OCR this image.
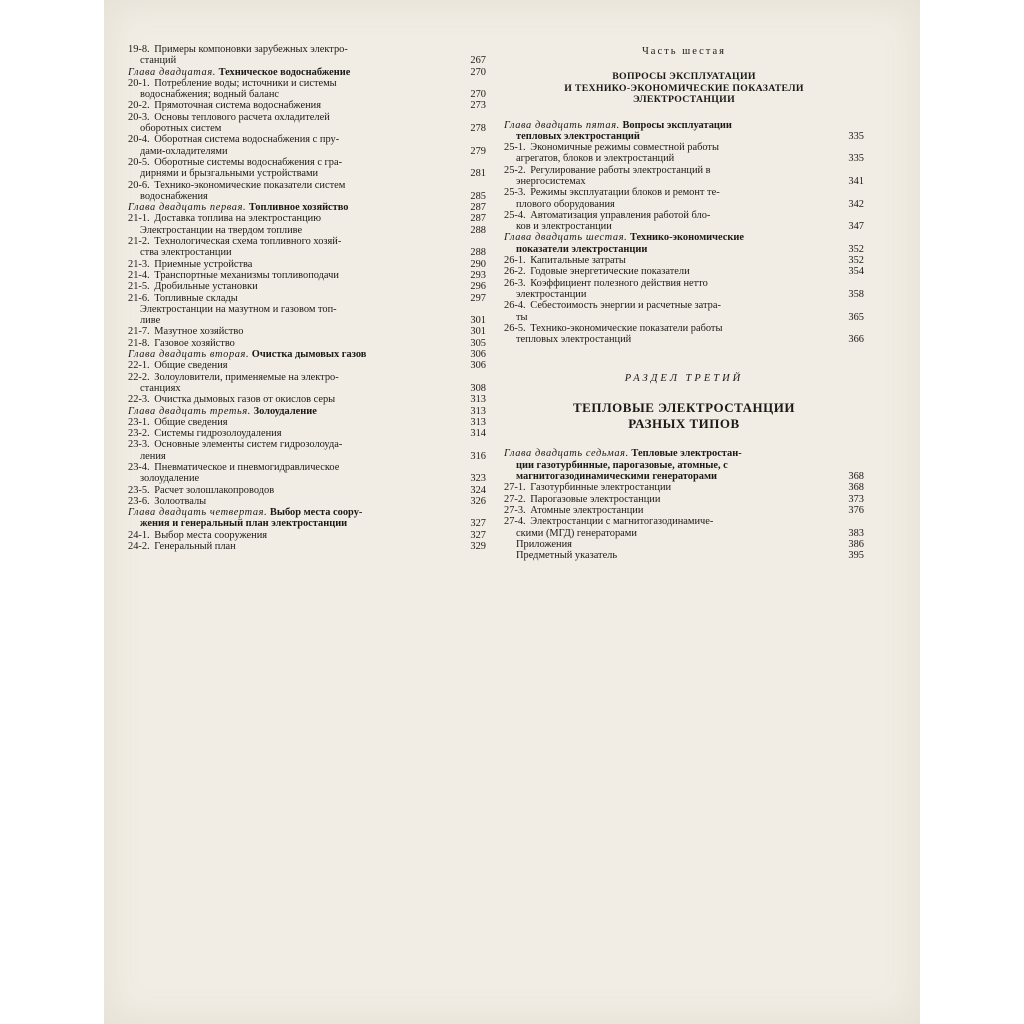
19-8. Примеры компоновки зарубежных электро-
станций	267
Глава двадцатая. Техническое водоснабжение	270
20-1. Потребление воды; источники и системы
водоснабжения; водный баланс	270
20-2. Прямоточная система водоснабжения	273
20-3. Основы теплового расчета охладителей
оборотных систем	278
20-4. Оборотная система водоснабжения с пру-
дами-охладителями	279
20-5. Оборотные системы водоснабжения с гра-
дирнями и брызгальными устройствами	281
20-6. Технико-экономические показатели систем
водоснабжения	285
Глава двадцать первая. Топливное хозяйство	287
21-1. Доставка топлива на электростанцию	287
Электростанции на твердом топливе	288
21-2. Технологическая схема топливного хозяй-
ства электростанции	288
21-3. Приемные устройства	290
21-4. Транспортные механизмы топливоподачи	293
21-5. Дробильные установки	296
21-6. Топливные склады	297
Электростанции на мазутном и газовом топ-
ливе	301
21-7. Мазутное хозяйство	301
21-8. Газовое хозяйство	305
Глава двадцать вторая. Очистка дымовых газов	306
22-1. Общие сведения	306
22-2. Золоуловители, применяемые на электро-
станциях	308
22-3. Очистка дымовых газов от окислов серы	313
Глава двадцать третья. Золоудаление	313
23-1. Общие сведения	313
23-2. Системы гидрозолоудаления	314
23-3. Основные элементы систем гидрозолоуда-
ления	316
23-4. Пневматическое и пневмогидравлическое
золоудаление	323
23-5. Расчет золошлакопроводов	324
23-6. Золоотвалы	326
Глава двадцать четвертая. Выбор места соору-
жения и генеральный план электростанции	327
24-1. Выбор места сооружения	327
24-2. Генеральный план	329
Часть шестая
ВОПРОСЫ ЭКСПЛУАТАЦИИ
И ТЕХНИКО-ЭКОНОМИЧЕСКИЕ ПОКАЗАТЕЛИ
ЭЛЕКТРОСТАНЦИИ
Глава двадцать пятая. Вопросы эксплуатации
тепловых электростанций	335
25-1. Экономичные режимы совместной работы
агрегатов, блоков и электростанций	335
25-2. Регулирование работы электростанций в
энергосистемах	341
25-3. Режимы эксплуатации блоков и ремонт те-
плового оборудования	342
25-4. Автоматизация управления работой бло-
ков и электростанции	347
Глава двадцать шестая. Технико-экономические
показатели электростанции	352
26-1. Капитальные затраты	352
26-2. Годовые энергетические показатели	354
26-3. Коэффициент полезного действия нетто
электростанции	358
26-4. Себестоимость энергии и расчетные затра-
ты	365
26-5. Технико-экономические показатели работы
тепловых электростанций	366
РАЗДЕЛ ТРЕТИЙ
ТЕПЛОВЫЕ ЭЛЕКТРОСТАНЦИИ
РАЗНЫХ ТИПОВ
Глава двадцать седьмая. Тепловые электростан-
ции газотурбинные, парогазовые, атомные, с
магнитогазодинамическими генераторами	368
27-1. Газотурбинные электростанции	368
27-2. Парогазовые электростанции	373
27-3. Атомные электростанции	376
27-4. Электростанции с магнитогазодинамиче-
скими (МГД) генераторами	383
Приложения	386
Предметный указатель	395
